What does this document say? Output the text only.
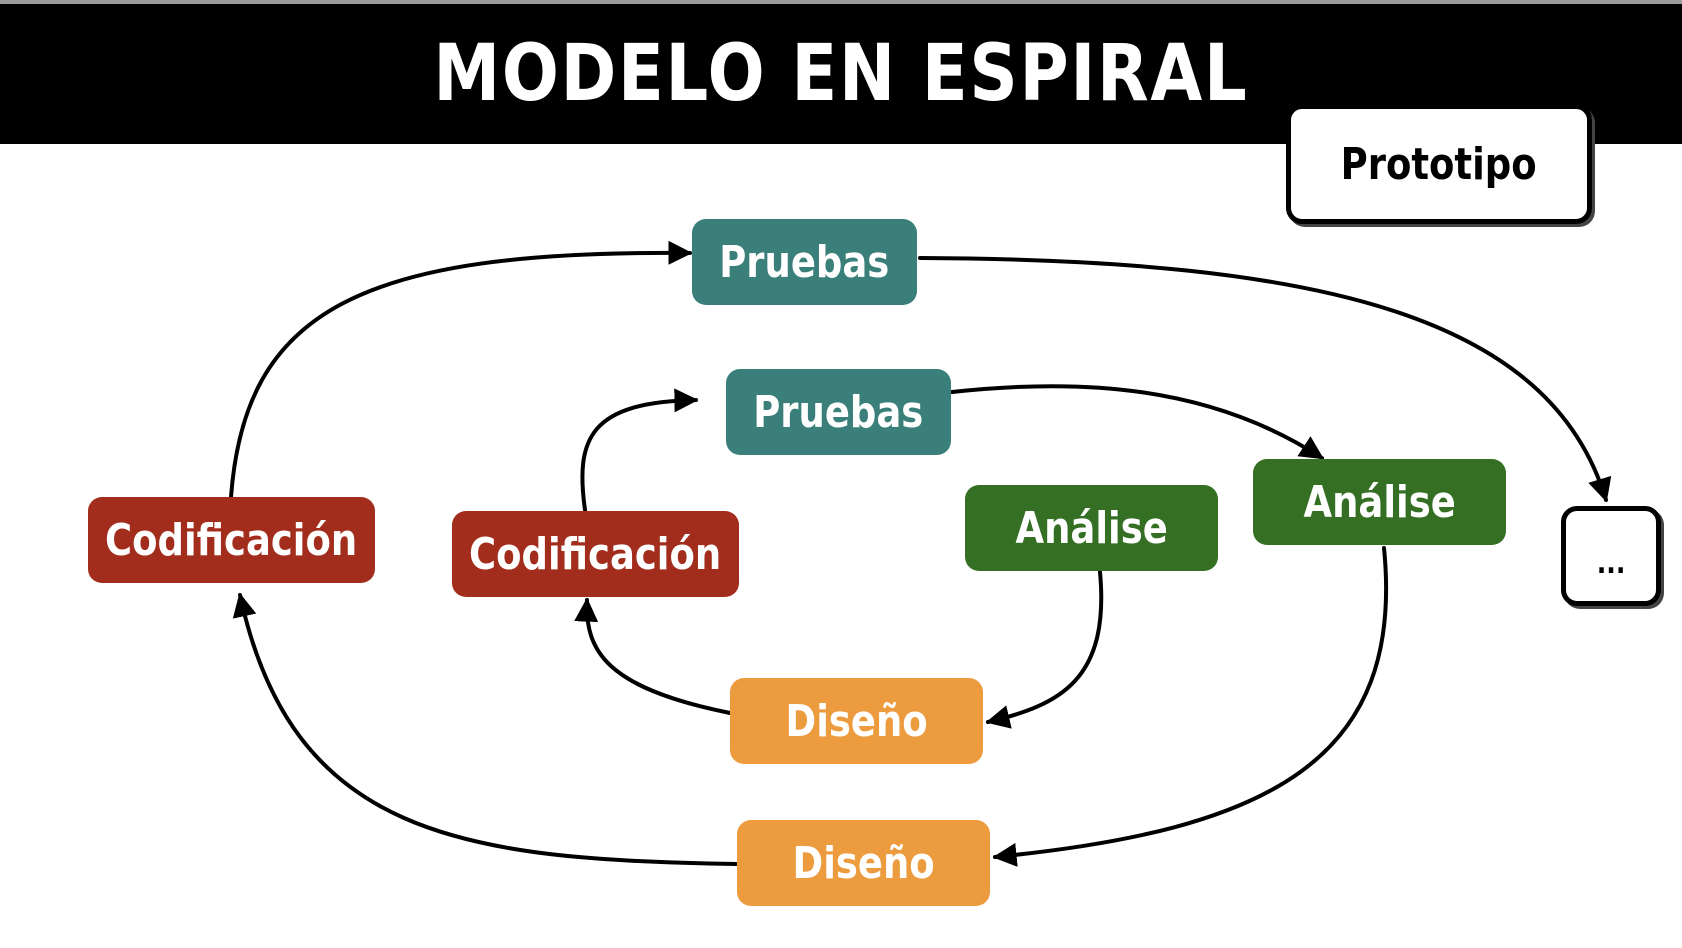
MODELO EN ESPIRAL
Prototipo
Pruebas
Pruebas
Codificación	Codificación
Análise
Análise
Diseño
Diseño
...
